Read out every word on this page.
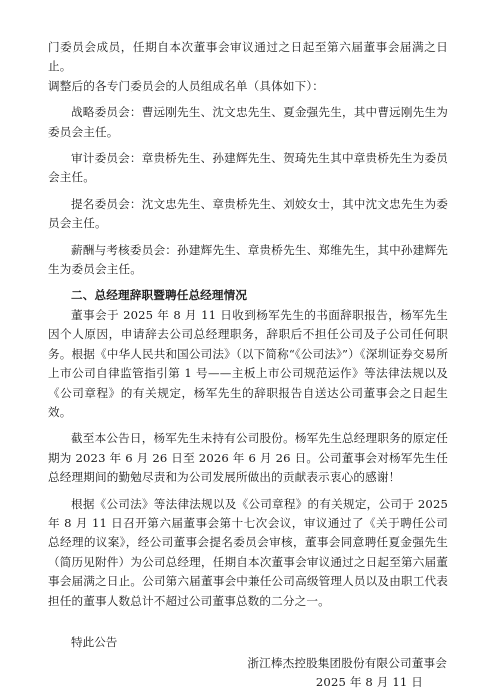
门委员会成员，任期自本次董事会审议通过之日起至第六届董事会届满之日止。

调整后的各专门委员会的人员组成名单（具体如下）：

战略委员会：曹远刚先生、沈文忠先生、夏金强先生，其中曹远刚先生为委员会主任。

审计委员会：章贵桥先生、孙建辉先生、贺琦先生其中章贵桥先生为委员会主任。

提名委员会：沈文忠先生、章贵桥先生、刘姣女士，其中沈文忠先生为委员会主任。

薪酬与考核委员会：孙建辉先生、章贵桥先生、郑维先生，其中孙建辉先生为委员会主任。

二、总经理辞职暨聘任总经理情况

董事会于 2025 年 8 月 11 日收到杨军先生的书面辞职报告，杨军先生因个人原因，申请辞去公司总经理职务，辞职后不担任公司及子公司任何职务。根据《中华人民共和国公司法》（以下简称“《公司法》”）《深圳证券交易所上市公司自律监管指引第 1 号——主板上市公司规范运作》等法律法规以及《公司章程》的有关规定，杨军先生的辞职报告自送达公司董事会之日起生效。

截至本公告日，杨军先生未持有公司股份。杨军先生总经理职务的原定任期为 2023 年 6 月 26 日至 2026 年 6 月 26 日。公司董事会对杨军先生任总经理期间的勤勉尽责和为公司发展所做出的贡献表示衷心的感谢！

根据《公司法》等法律法规以及《公司章程》的有关规定，公司于 2025 年 8 月 11 日召开第六届董事会第十七次会议，审议通过了《关于聘任公司总经理的议案》，经公司董事会提名委员会审核，董事会同意聘任夏金强先生（简历见附件）为公司总经理，任期自本次董事会审议通过之日起至第六届董事会届满之日止。公司第六届董事会中兼任公司高级管理人员以及由职工代表担任的董事人数总计不超过公司董事总数的二分之一。

特此公告

浙江棒杰控股集团股份有限公司董事会
2025 年 8 月 11 日
